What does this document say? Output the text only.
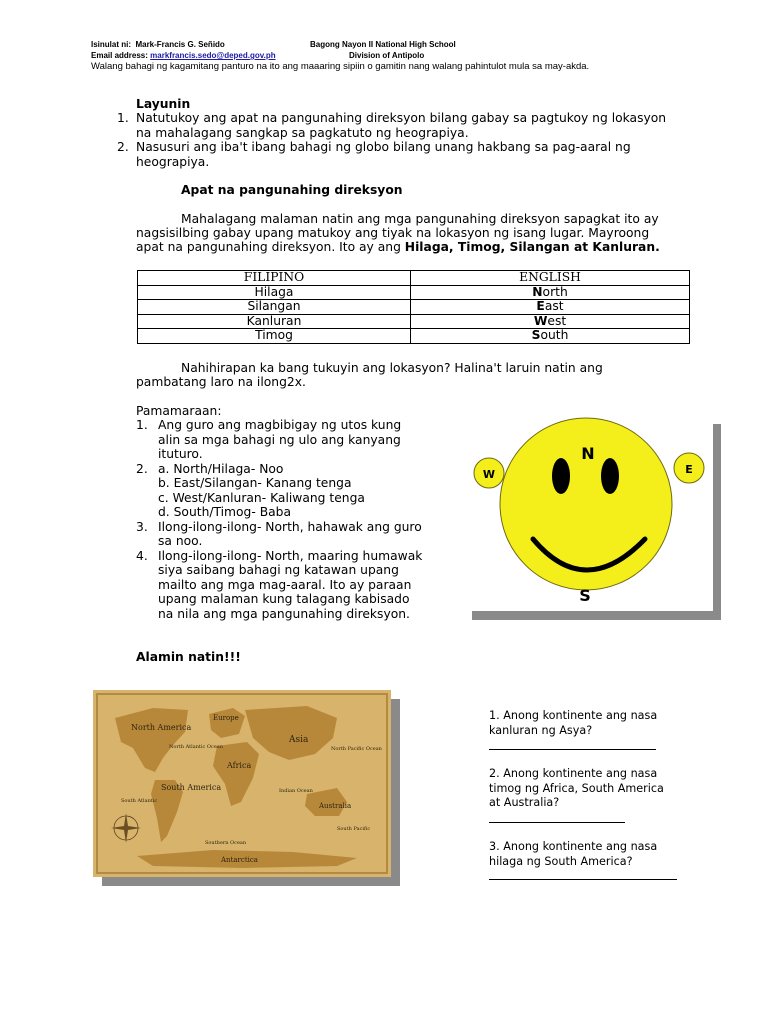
Isinulat ni: Mark-Francis G. Señido	Bagong Nayon II National High School
Email address: markfrancis.sedo@deped.gov.ph	Division of Antipolo
Walang bahagi ng kagamitang panturo na ito ang maaaring sipiin o gamitin nang walang pahintulot mula sa may-akda.
Layunin
1. Natutukoy ang apat na pangunahing direksyon bilang gabay sa pagtukoy ng lokasyon
na mahalagang sangkap sa pagkatuto ng heograpiya.
2. Nasusuri ang iba't ibang bahagi ng globo bilang unang hakbang sa pag-aaral ng
heograpiya.
Apat na pangunahing direksyon
Mahalagang malaman natin ang mga pangunahing direksyon sapagkat ito ay
nagsisilbing gabay upang matukoy ang tiyak na lokasyon ng isang lugar. Mayroong
apat na pangunahing direksyon. Ito ay ang Hilaga, Timog, Silangan at Kanluran.
FILIPINO	ENGLISH
Hilaga	North
Silangan	East
Kanluran	West
Timog	South
Nahihirapan ka bang tukuyin ang lokasyon? Halina't laruin natin ang
pambatang laro na ilong2x.
Pamamaraan:
1. Ang guro ang magbibigay ng utos kung
alin sa mga bahagi ng ulo ang kanyang
ituturo.
2. a. North/Hilaga- Noo
b. East/Silangan- Kanang tenga
c. West/Kanluran- Kaliwang tenga
d. South/Timog- Baba
3. Ilong-ilong-ilong- North, hahawak ang guro
sa noo.
4. Ilong-ilong-ilong- North, maaring humawak
siya saibang bahagi ng katawan upang
mailto ang mga mag-aaral. Ito ay paraan
upang malaman kung talagang kabisado
na nila ang mga pangunahing direksyon.
N
S
W	E
Alamin natin!!!
North America
South America
Europe
Asia
Africa
Australia
Antarctica
North Atlantic Ocean
South Atlantic
North Pacific Ocean
South Pacific
Indian Ocean
Southern Ocean
1. Anong kontinente ang nasa
kanluran ng Asya?
2. Anong kontinente ang nasa
timog ng Africa, South America
at Australia?
3. Anong kontinente ang nasa
hilaga ng South America?
